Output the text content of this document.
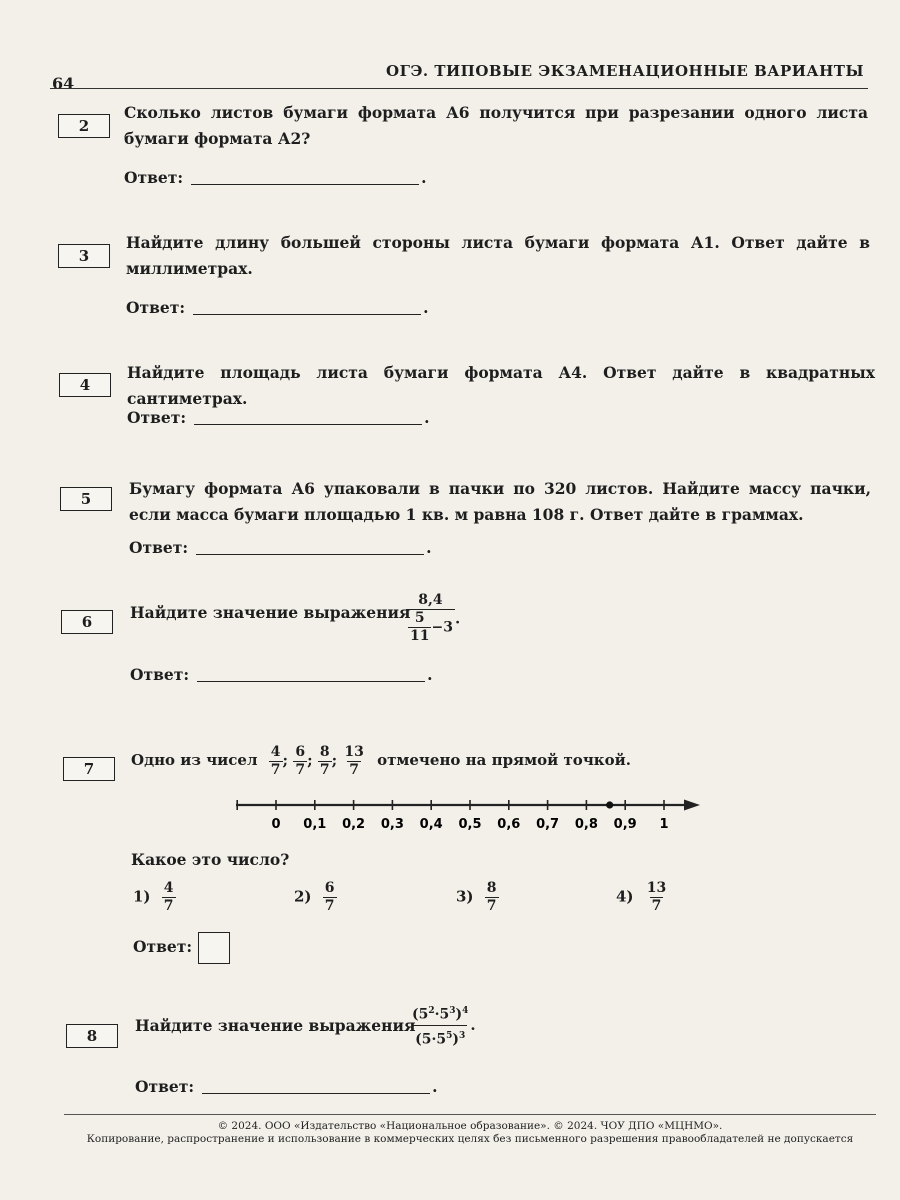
64
ОГЭ. ТИПОВЫЕ ЭКЗАМЕНАЦИОННЫЕ ВАРИАНТЫ
2
Сколько листов бумаги формата А6 получится при разрезании одного листа бумаги формата А2?
Ответ:	.
3
Найдите длину большей стороны листа бумаги формата А1. Ответ дайте в миллиметрах.
Ответ:	.
4
Найдите площадь листа бумаги формата А4. Ответ дайте в квадратных сантиметрах.
Ответ:	.
5
Бумагу формата А6 упаковали в пачки по 320 листов. Найдите массу пачки, если масса бумаги площадью 1 кв. м равна 108 г. Ответ дайте в граммах.
Ответ:	.
6	Найдите значение выражения
$\frac{8,4}{\frac{5}{11} -3}$ .
Ответ:	.
7	Одно из чисел $\frac{4}{7}$ ; $\frac{6}{7}$ ; $\frac{8}{7}$ ; $\frac{13}{7}$ отмечено на прямой точкой.
0 0,1 0,2 0,3 0,4 0,5 0,6 0,7 0,8 0,9 1
Какое это число?
$1) \frac{4}{7}$	$2) \frac{6}{7}$	$3) \frac{8}{7}$	$4) \frac{13}{7}$
Ответ:
8
Найдите значение выражения
$\frac{(5^2\cdot 5^3)^4}{(5\cdot 5^5)^3}$ .
Ответ:	.
© 2024. ООО «Издательство «Национальное образование». © 2024. ЧОУ ДПО «МЦНМО».
Копирование, распространение и использование в коммерческих целях без письменного разрешения правообладателей не допускается
